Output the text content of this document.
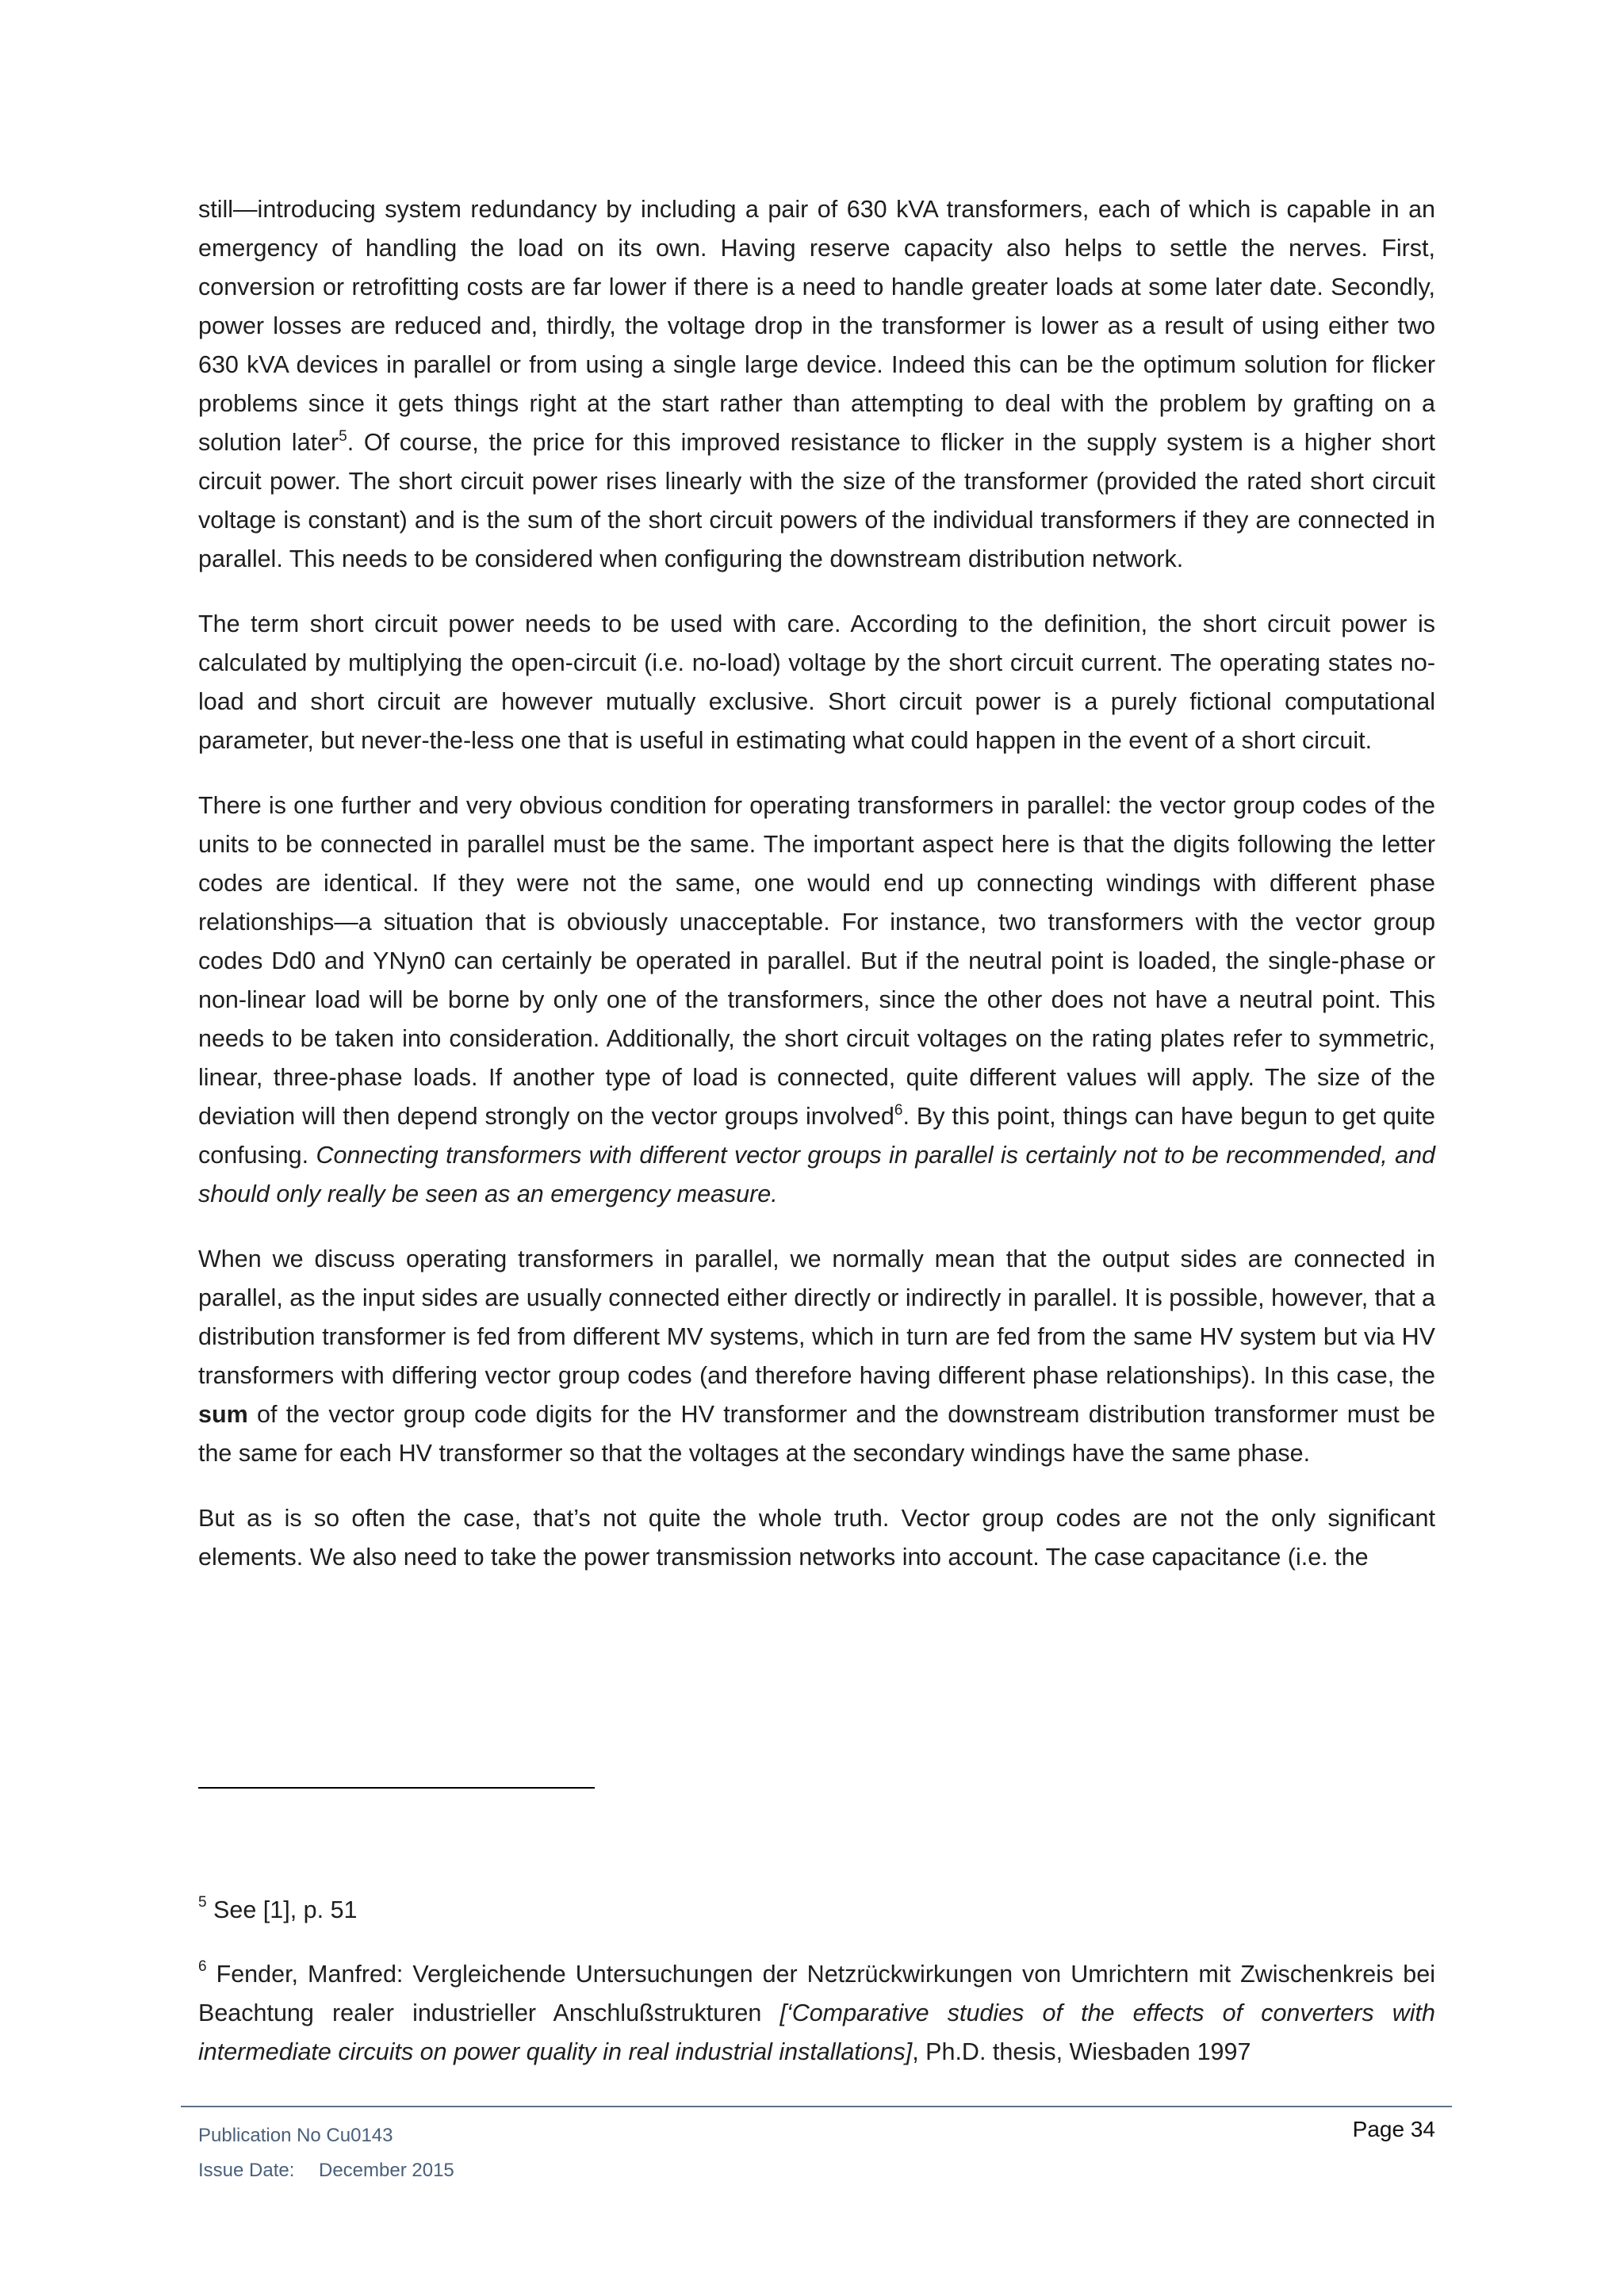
still—introducing system redundancy by including a pair of 630 kVA transformers, each of which is capable in an emergency of handling the load on its own. Having reserve capacity also helps to settle the nerves. First, conversion or retrofitting costs are far lower if there is a need to handle greater loads at some later date. Secondly, power losses are reduced and, thirdly, the voltage drop in the transformer is lower as a result of using either two 630 kVA devices in parallel or from using a single large device. Indeed this can be the optimum solution for flicker problems since it gets things right at the start rather than attempting to deal with the problem by grafting on a solution later$^5$. Of course, the price for this improved resistance to flicker in the supply system is a higher short circuit power. The short circuit power rises linearly with the size of the transformer (provided the rated short circuit voltage is constant) and is the sum of the short circuit powers of the individual transformers if they are connected in parallel. This needs to be considered when configuring the downstream distribution network.

The term short circuit power needs to be used with care. According to the definition, the short circuit power is calculated by multiplying the open-circuit (i.e. no-load) voltage by the short circuit current. The operating states no-load and short circuit are however mutually exclusive. Short circuit power is a purely fictional computational parameter, but never-the-less one that is useful in estimating what could happen in the event of a short circuit.

There is one further and very obvious condition for operating transformers in parallel: the vector group codes of the units to be connected in parallel must be the same. The important aspect here is that the digits following the letter codes are identical. If they were not the same, one would end up connecting windings with different phase relationships—a situation that is obviously unacceptable. For instance, two transformers with the vector group codes Dd0 and YNyn0 can certainly be operated in parallel. But if the neutral point is loaded, the single-phase or non-linear load will be borne by only one of the transformers, since the other does not have a neutral point. This needs to be taken into consideration. Additionally, the short circuit voltages on the rating plates refer to symmetric, linear, three-phase loads. If another type of load is connected, quite different values will apply. The size of the deviation will then depend strongly on the vector groups involved$^6$. By this point, things can have begun to get quite confusing. Connecting transformers with different vector groups in parallel is certainly not to be recommended, and should only really be seen as an emergency measure.

When we discuss operating transformers in parallel, we normally mean that the output sides are connected in parallel, as the input sides are usually connected either directly or indirectly in parallel. It is possible, however, that a distribution transformer is fed from different MV systems, which in turn are fed from the same HV system but via HV transformers with differing vector group codes (and therefore having different phase relationships). In this case, the sum of the vector group code digits for the HV transformer and the downstream distribution transformer must be the same for each HV transformer so that the voltages at the secondary windings have the same phase.

But as is so often the case, that’s not quite the whole truth. Vector group codes are not the only significant elements. We also need to take the power transmission networks into account. The case capacitance (i.e. the

$^5$ See [1], p. 51

$^6$ Fender, Manfred: Vergleichende Untersuchungen der Netzrückwirkungen von Umrichtern mit Zwischenkreis bei Beachtung realer industrieller Anschlußstrukturen [‘Comparative studies of the effects of converters with intermediate circuits on power quality in real industrial installations], Ph.D. thesis, Wiesbaden 1997

Publication No Cu0143
Issue Date: December 2015
Page 34
